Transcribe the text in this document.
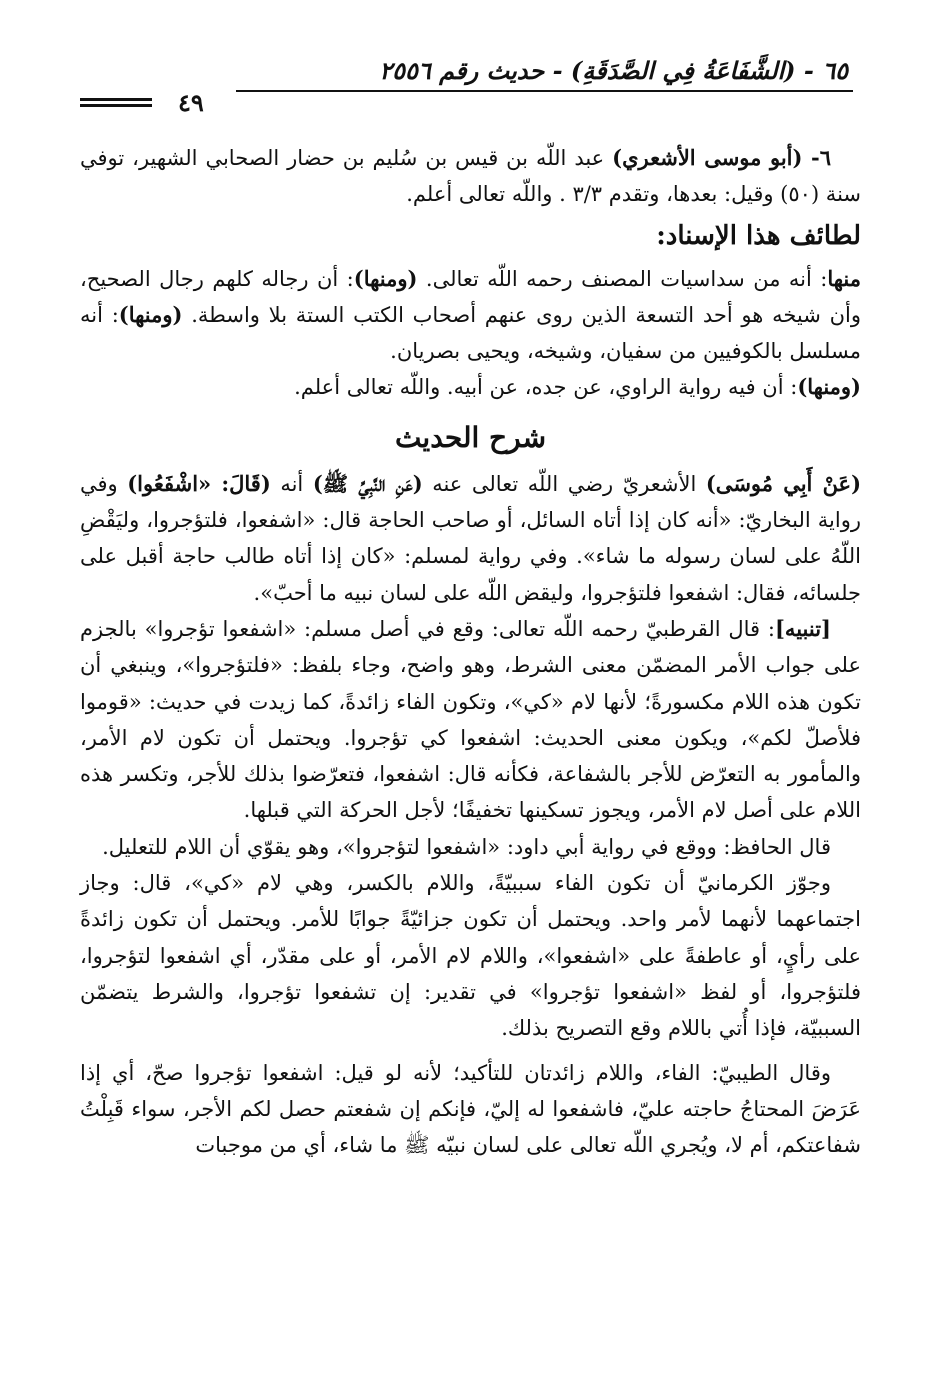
٦٥ - (الشَّفَاعَةُ فِي الصَّدَقَةِ) - حديث رقم ٢٥٥٦
٤٩

٦- (أبو موسى الأشعري) عبد اللّه بن قيس بن سُليم بن حضار الصحابي الشهير، توفي سنة (٥٠) وقيل: بعدها، وتقدم ٣/٣ . واللّه تعالى أعلم.

لطائف هذا الإسناد:

منها: أنه من سداسيات المصنف رحمه اللّه تعالى. (ومنها): أن رجاله كلهم رجال الصحيح، وأن شيخه هو أحد التسعة الذين روى عنهم أصحاب الكتب الستة بلا واسطة. (ومنها): أنه مسلسل بالكوفيين من سفيان، وشيخه، ويحيى بصريان.

(ومنها): أن فيه رواية الراوي، عن جده، عن أبيه. واللّه تعالى أعلم.

شرح الحديث

(عَنْ أَبِي مُوسَى) الأشعريّ رضي اللّه تعالى عنه (عَنِ النَّبِيِّ ﷺ) أنه (قَالَ: «اشْفَعُوا) وفي رواية البخاريّ: «أنه كان إذا أتاه السائل، أو صاحب الحاجة قال: «اشفعوا، فلتؤجروا، وليَقْضِ اللّهُ على لسان رسوله ما شاء». وفي رواية لمسلم: «كان إذا أتاه طالب حاجة أقبل على جلسائه، فقال: اشفعوا فلتؤجروا، وليقض اللّه على لسان نبيه ما أحبّ».

[تنبيه]: قال القرطبيّ رحمه اللّه تعالى: وقع في أصل مسلم: «اشفعوا تؤجروا» بالجزم على جواب الأمر المضمّن معنى الشرط، وهو واضح، وجاء بلفظ: «فلتؤجروا»، وينبغي أن تكون هذه اللام مكسورةً؛ لأنها لام «كي»، وتكون الفاء زائدةً، كما زيدت في حديث: «قوموا فلأصلّ لكم»، ويكون معنى الحديث: اشفعوا كي تؤجروا. ويحتمل أن تكون لام الأمر، والمأمور به التعرّض للأجر بالشفاعة، فكأنه قال: اشفعوا، فتعرّضوا بذلك للأجر، وتكسر هذه اللام على أصل لام الأمر، ويجوز تسكينها تخفيفًا؛ لأجل الحركة التي قبلها.

قال الحافظ: ووقع في رواية أبي داود: «اشفعوا لتؤجروا»، وهو يقوّي أن اللام للتعليل.

وجوّز الكرمانيّ أن تكون الفاء سببيّةً، واللام بالكسر، وهي لام «كي»، قال: وجاز اجتماعهما لأنهما لأمر واحد. ويحتمل أن تكون جزائيّةً جوابًا للأمر. ويحتمل أن تكون زائدةً على رأيٍ، أو عاطفةً على «اشفعوا»، واللام لام الأمر، أو على مقدّر، أي اشفعوا لتؤجروا، فلتؤجروا، أو لفظ «اشفعوا تؤجروا» في تقدير: إن تشفعوا تؤجروا، والشرط يتضمّن السببيّة، فإذا أُتي باللام وقع التصريح بذلك.

وقال الطيبيّ: الفاء، واللام زائدتان للتأكيد؛ لأنه لو قيل: اشفعوا تؤجروا صحّ، أي إذا عَرَضَ المحتاجُ حاجته عليّ، فاشفعوا له إليّ، فإنكم إن شفعتم حصل لكم الأجر، سواء قَبِلْتُ شفاعتكم، أم لا، ويُجري اللّه تعالى على لسان نبيّه ﷺ ما شاء، أي من موجبات
